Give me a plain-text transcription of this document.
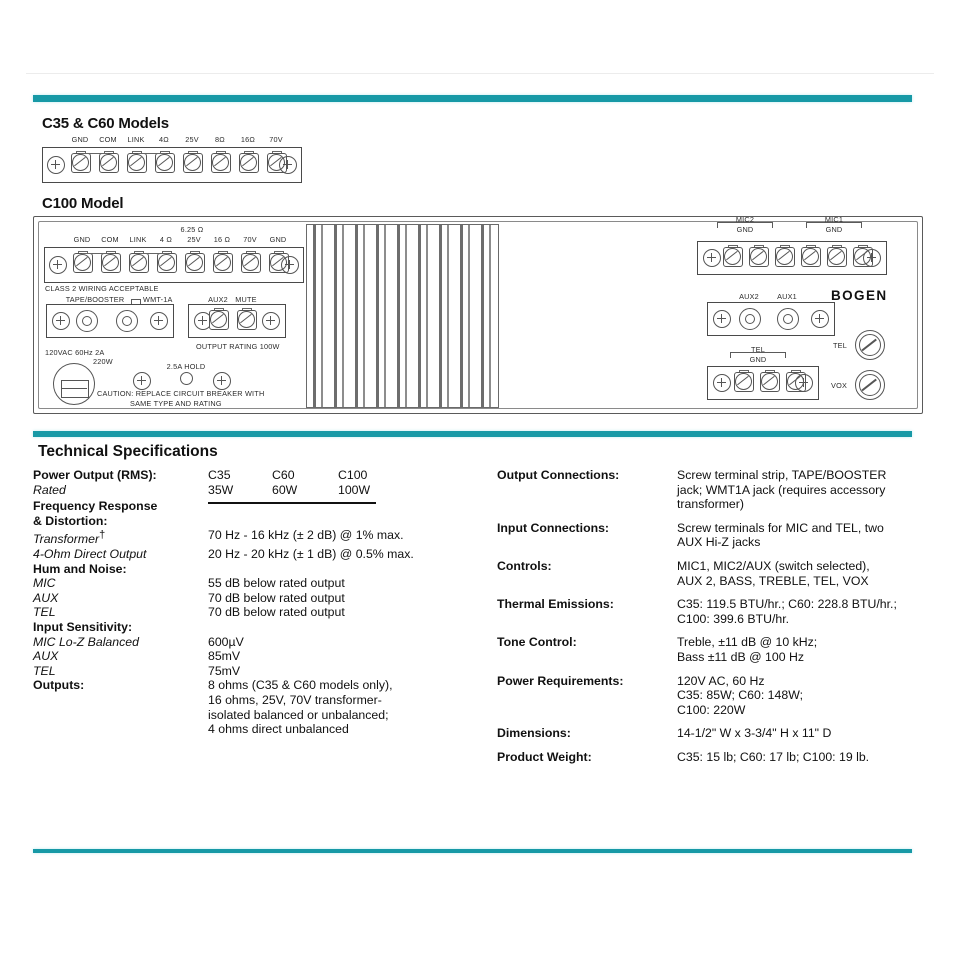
C35 & C60 Models
GND COM LINK 4Ω 25V 8Ω 16Ω 70V
C100 Model
GND COM LINK 4 Ω 25V 16 Ω 70V GND
6.25 Ω
CLASS 2 WIRING ACCEPTABLE
TAPE/BOOSTER	WMT-1A	AUX2 MUTE
OUTPUT RATING 100W
120VAC 60Hz 2A
220W
2.5A HOLD
CAUTION: REPLACE CIRCUIT BREAKER WITH
SAME TYPE AND RATING
MIC2
GND
MIC1
GND
AUX2 AUX1	BOGEN
TEL
GND
TEL
VOX
Technical Specifications
Power Output (RMS):	C35	C60	C100
Rated	35W	60W	100W
Frequency Response
& Distortion:
Transformer†	70 Hz - 16 kHz (± 2 dB) @ 1% max.
4-Ohm Direct Output	20 Hz - 20 kHz (± 1 dB) @ 0.5% max.
Hum and Noise:
MIC	55 dB below rated output
AUX	70 dB below rated output
TEL	70 dB below rated output
Input Sensitivity:
MIC Lo-Z Balanced	600µV
AUX	85mV
TEL	75mV
Outputs:	8 ohms (C35 & C60 models only),
16 ohms, 25V, 70V transformer-
isolated balanced or unbalanced;
4 ohms direct unbalanced
Output Connections:	Screw terminal strip, TAPE/BOOSTER
jack; WMT1A jack (requires accessory
transformer)
Input Connections:	Screw terminals for MIC and TEL, two
AUX Hi-Z jacks
Controls:	MIC1, MIC2/AUX (switch selected),
AUX 2, BASS, TREBLE, TEL, VOX
Thermal Emissions:	C35: 119.5 BTU/hr.; C60: 228.8 BTU/hr.;
C100: 399.6 BTU/hr.
Tone Control:	Treble, ±11 dB @ 10 kHz;
Bass ±11 dB @ 100 Hz
Power Requirements:	120V AC, 60 Hz
C35: 85W; C60: 148W;
C100: 220W
Dimensions:	14-1/2" W x 3-3/4" H x 11" D
Product Weight:	C35: 15 lb; C60: 17 lb; C100: 19 lb.
